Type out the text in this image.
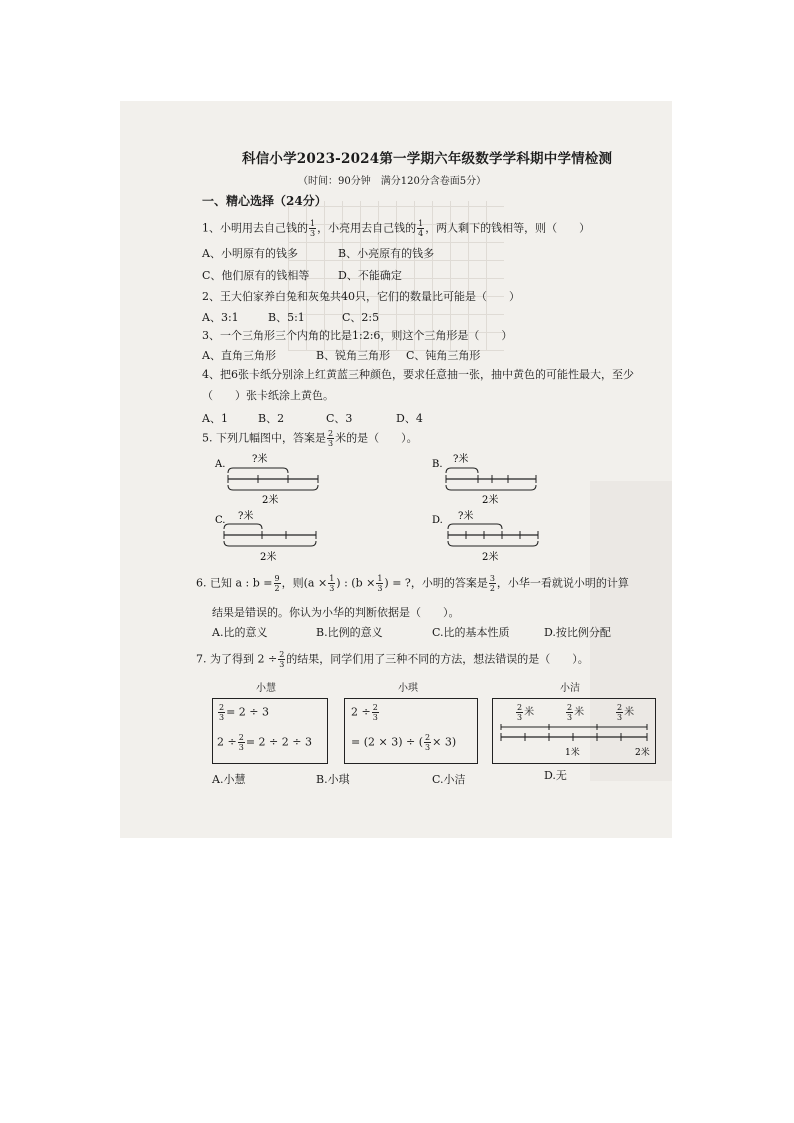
科信小学2023-2024第一学期六年级数学学科期中学情检测
（时间：90分钟　满分120分含卷面5分）
一、精心选择（24分）
1、小明用去自己钱的 $\frac{1}{3}$ ，小亮用去自己钱的 $\frac{1}{4}$ ，两人剩下的钱相等，则（　　）
A、小明原有的钱多	B、小亮原有的钱多
C、他们原有的钱相等	D、不能确定
2、王大伯家养白兔和灰兔共40只，它们的数量比可能是（　　）
A、3:1	B、5:1	C、2:5
3、一个三角形三个内角的比是1:2:6，则这个三角形是（　　）
A、直角三角形	B、锐角三角形 C、钝角三角形
4、把6张卡纸分别涂上红黄蓝三种颜色，要求任意抽一张，抽中黄色的可能性最大，至少
（　　）张卡纸涂上黄色。
A、1	B、2	C、3	D、4
5. 下列几幅图中，答案是 $\frac{2}{3}$ 米的是（　　）。
A.	?米
2米
B. ?米
2米
C. ?米
2米
D. ?米
2米
6. 已知 a : $b = \frac{9}{2}$ ，则($a \times \frac{1}{3}$ ) : ($b \times \frac{1}{3}$ ) = ?，小明的答案是 $\frac{3}{2}$ ，小华一看就说小明的计算
结果是错误的。你认为小华的判断依据是（　　）。
A.比的意义	B.比例的意义	C.比的基本性质	D.按比例分配
7. 为了得到 $2 \div \frac{2}{3}$ 的结果，同学们用了三种不同的方法，想法错误的是（　　）。
小慧	小琪	小洁
$\frac{2}{3} = 2 \div 3$
$2 \div \frac{2}{3} = 2 \div 2 \div 3$
$2 \div \frac{2}{3}$
= (2 × 3) ÷ ( $\frac{2}{3} \times 3$)
$\frac{2}{3}$ 米	$\frac{2}{3}$ 米	$\frac{2}{3}$ 米
1米	2米
A.小慧	B.小琪	C.小洁	D.无
